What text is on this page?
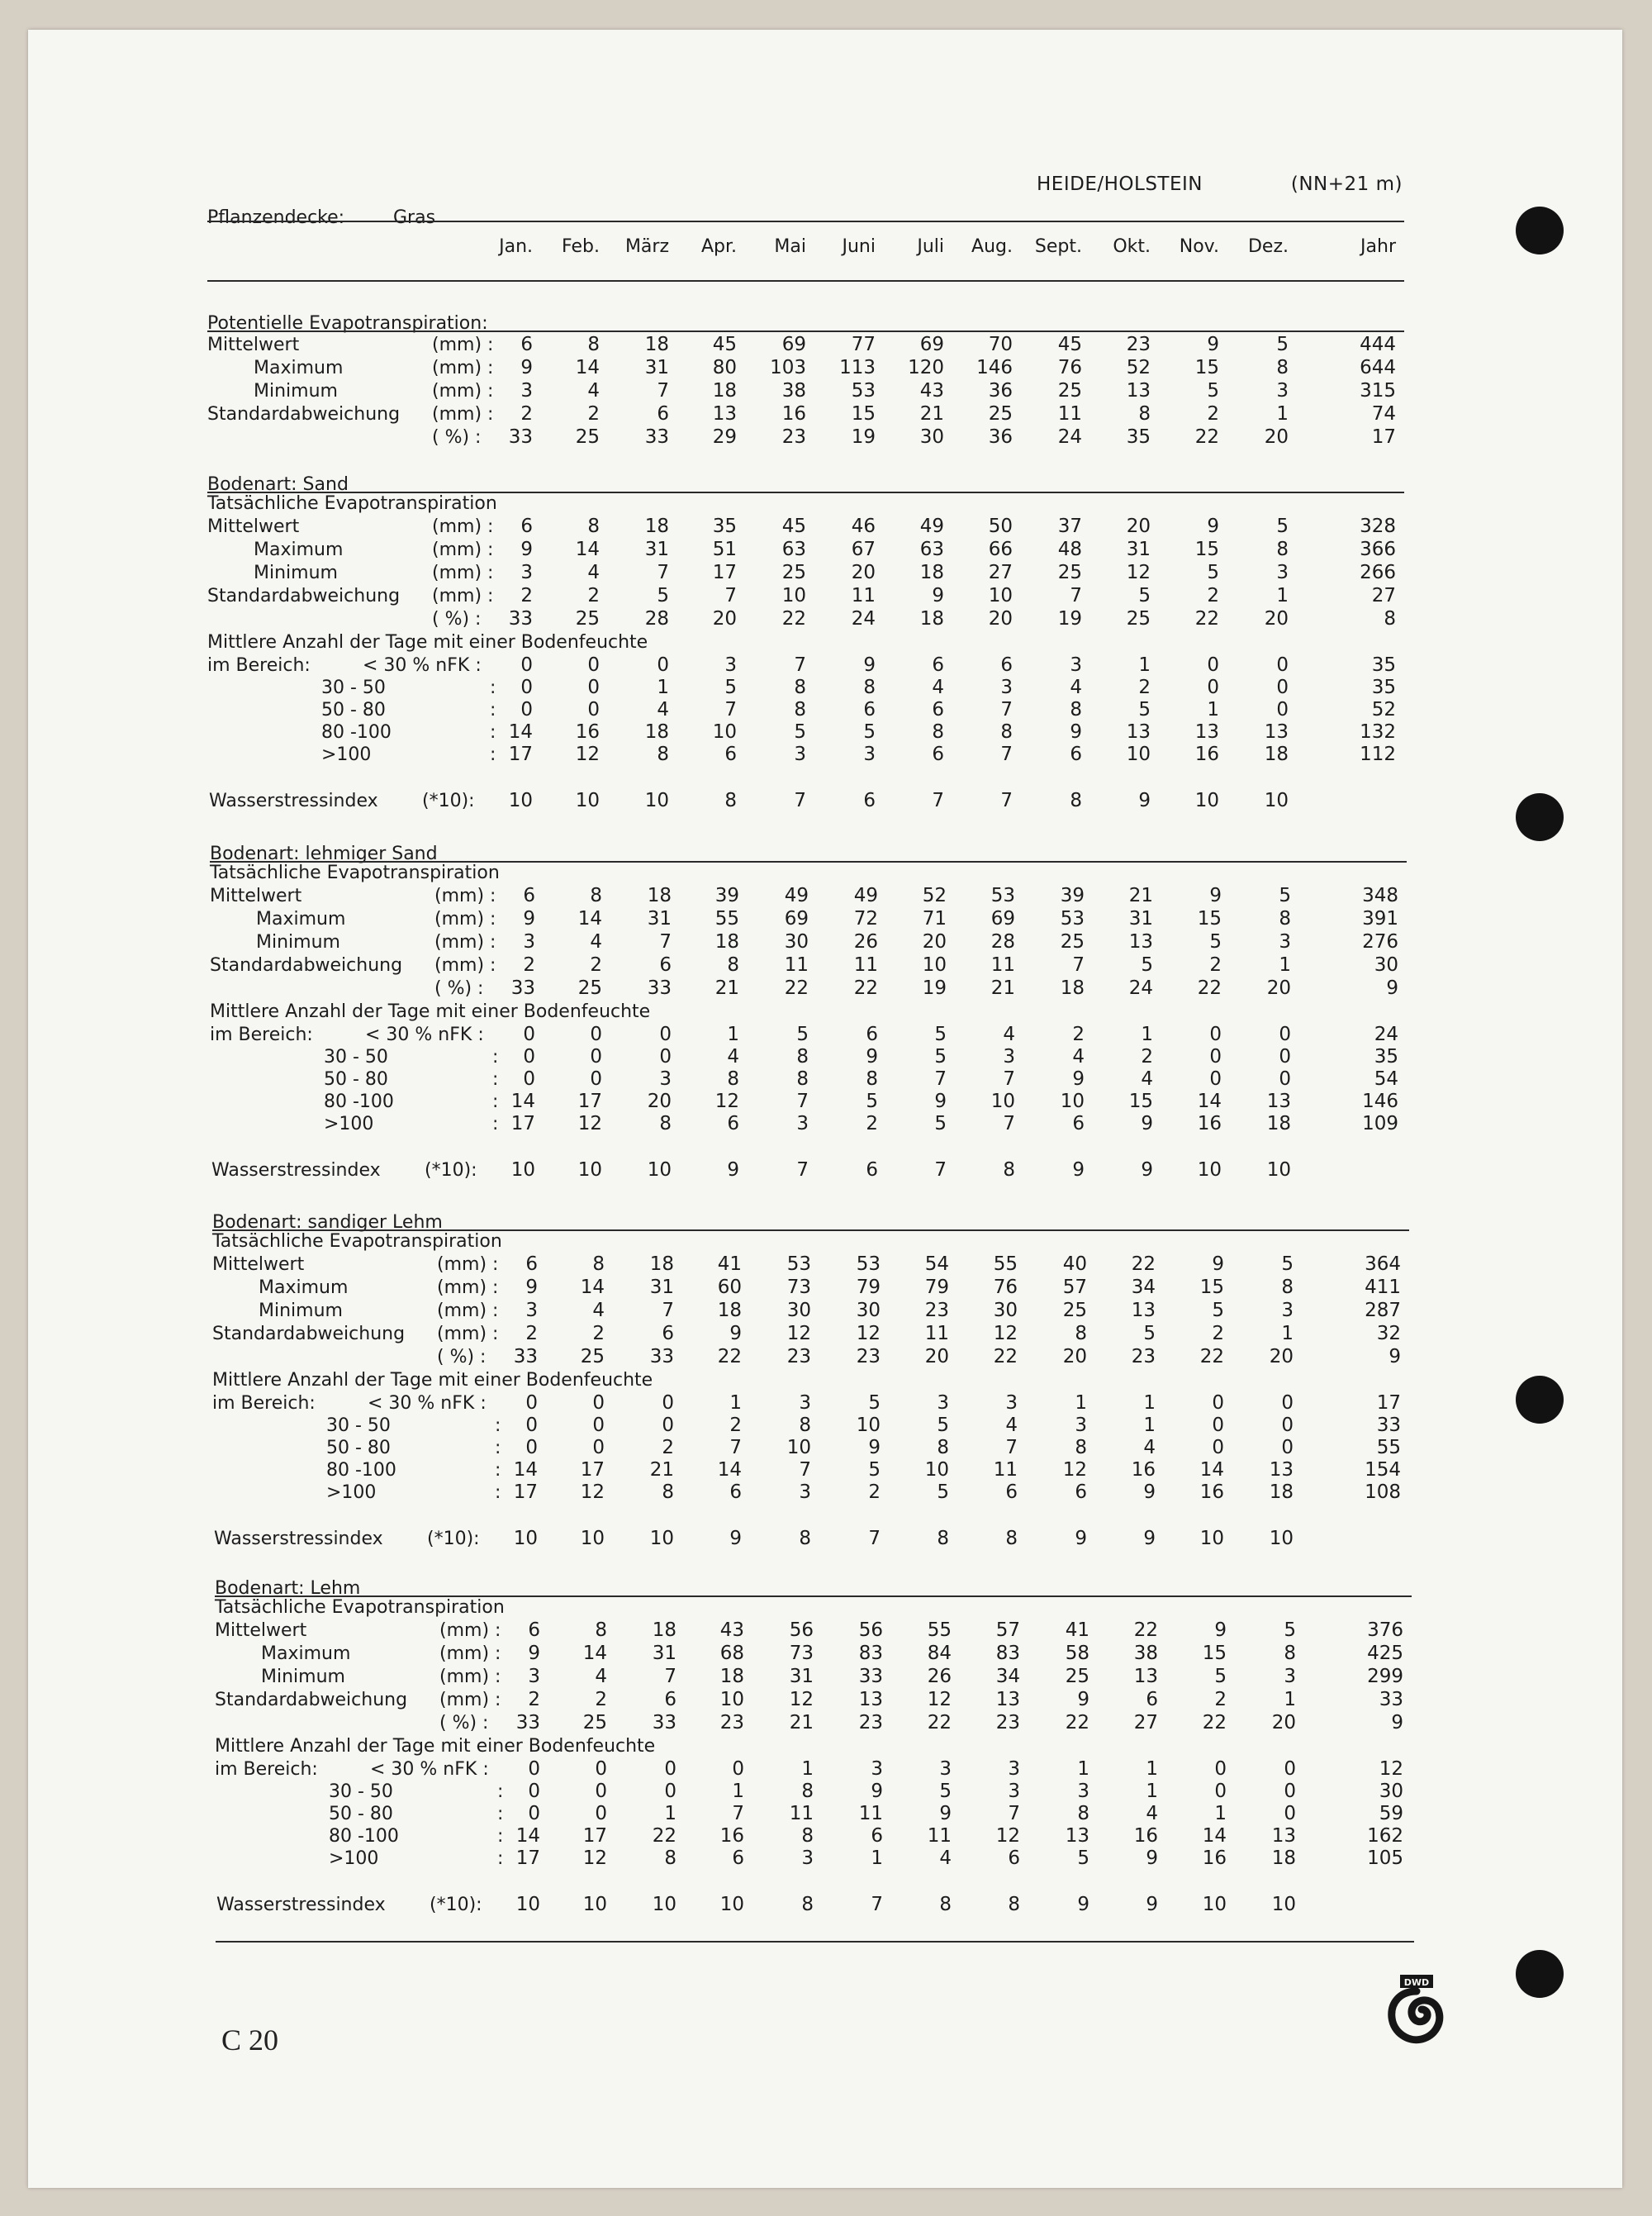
HEIDE/HOLSTEIN	(NN+21 m)
Pflanzendecke:	Gras
Jan. Feb. März Apr. Mai Juni Juli Aug. Sept. Okt. Nov. Dez.	Jahr
Potentielle Evapotranspiration:
Mittelwert	(mm) : 6	8 18 45 69 77 69 70 45 23	9	5	444
Maximum	(mm) : 9 14 31 80 103 113 120 146 76 52 15	8	644
Minimum	(mm) : 3	4	7 18 38 53 43 36 25 13	5	3	315
Standardabweichung (mm) : 2	2	6 13 16 15 21 25 11	8	2	1	74
( %) : 33 25 33 29 23 19 30 36 24 35 22 20	17
Bodenart: Sand
Tatsächliche Evapotranspiration
Mittelwert	(mm) : 6	8 18 35 45 46 49 50 37 20	9	5	328
Maximum	(mm) : 9 14 31 51 63 67 63 66 48 31 15	8	366
Minimum	(mm) : 3	4	7 17 25 20 18 27 25 12	5	3	266
Standardabweichung (mm) : 2	2	5	7 10 11	9 10	7	5	2	1	27
( %) : 33 25 28 20 22 24 18 20 19 25 22 20	8
Mittlere Anzahl der Tage mit einer Bodenfeuchte
im Bereich:	< 30 % nFK : 0	0	0	3	7	9	6	6	3	1	0	0	35
30 - 50	: 0	0	1	5	8	8	4	3	4	2	0	0	35
50 - 80	: 0	0	4	7	8	6	6	7	8	5	1	0	52
80 -100	: 14 16 18 10	5	5	8	8	9 13 13 13	132
>100	: 17 12	8	6	3	3	6	7	6 10 16 18	112
Wasserstressindex (*10): 10 10 10	8	7	6	7	7	8	9 10 10
Bodenart: lehmiger Sand
Tatsächliche Evapotranspiration
Mittelwert	(mm) : 6	8 18 39 49 49 52 53 39 21	9	5	348
Maximum	(mm) : 9 14 31 55 69 72 71 69 53 31 15	8	391
Minimum	(mm) : 3	4	7 18 30 26 20 28 25 13	5	3	276
Standardabweichung (mm) : 2	2	6	8 11 11 10 11	7	5	2	1	30
( %) : 33 25 33 21 22 22 19 21 18 24 22 20	9
Mittlere Anzahl der Tage mit einer Bodenfeuchte
im Bereich:	< 30 % nFK : 0	0	0	1	5	6	5	4	2	1	0	0	24
30 - 50	: 0	0	0	4	8	9	5	3	4	2	0	0	35
50 - 80	: 0	0	3	8	8	8	7	7	9	4	0	0	54
80 -100	: 14 17 20 12	7	5	9 10 10 15 14 13	146
>100	: 17 12	8	6	3	2	5	7	6	9 16 18	109
Wasserstressindex (*10): 10 10 10	9	7	6	7	8	9	9 10 10
Bodenart: sandiger Lehm
Tatsächliche Evapotranspiration
Mittelwert	(mm) : 6	8 18 41 53 53 54 55 40 22	9	5	364
Maximum	(mm) : 9 14 31 60 73 79 79 76 57 34 15	8	411
Minimum	(mm) : 3	4	7 18 30 30 23 30 25 13	5	3	287
Standardabweichung (mm) : 2	2	6	9 12 12 11 12	8	5	2	1	32
( %) : 33 25 33 22 23 23 20 22 20 23 22 20	9
Mittlere Anzahl der Tage mit einer Bodenfeuchte
im Bereich:	< 30 % nFK : 0	0	0	1	3	5	3	3	1	1	0	0	17
30 - 50	: 0	0	0	2	8 10	5	4	3	1	0	0	33
50 - 80	: 0	0	2	7 10	9	8	7	8	4	0	0	55
80 -100	: 14 17 21 14	7	5 10 11 12 16 14 13	154
>100	: 17 12	8	6	3	2	5	6	6	9 16 18	108
Wasserstressindex (*10): 10 10 10	9	8	7	8	8	9	9 10 10
Bodenart: Lehm
Tatsächliche Evapotranspiration
Mittelwert	(mm) : 6	8 18 43 56 56 55 57 41 22	9	5	376
Maximum	(mm) : 9 14 31 68 73 83 84 83 58 38 15	8	425
Minimum	(mm) : 3	4	7 18 31 33 26 34 25 13	5	3	299
Standardabweichung (mm) : 2	2	6 10 12 13 12 13	9	6	2	1	33
( %) : 33 25 33 23 21 23 22 23 22 27 22 20	9
Mittlere Anzahl der Tage mit einer Bodenfeuchte
im Bereich:	< 30 % nFK : 0	0	0	0	1	3	3	3	1	1	0	0	12
30 - 50	: 0	0	0	1	8	9	5	3	3	1	0	0	30
50 - 80	: 0	0	1	7 11 11	9	7	8	4	1	0	59
80 -100	: 14 17 22 16	8	6 11 12 13 16 14 13	162
>100	: 17 12	8	6	3	1	4	6	5	9 16 18	105
Wasserstressindex (*10): 10 10 10 10	8	7	8	8	9	9 10 10
C 20
DWD
